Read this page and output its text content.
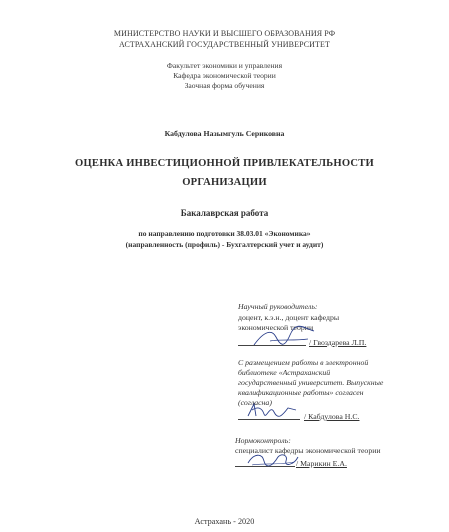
МИНИСТЕРСТВО НАУКИ И ВЫСШЕГО ОБРАЗОВАНИЯ РФ
АСТРАХАНСКИЙ ГОСУДАРСТВЕННЫЙ УНИВЕРСИТЕТ
Факультет экономики и управления
Кафедра экономической теории
Заочная форма обучения
Кабдулова Назымгуль Сериковна
ОЦЕНКА ИНВЕСТИЦИОННОЙ ПРИВЛЕКАТЕЛЬНОСТИ
ОРГАНИЗАЦИИ
Бакалаврская работа
по направлению подготовки 38.03.01 «Экономика»
(направленность (профиль) - Бухгалтерский учет и аудит)
Научный руководитель:
доцент, к.э.н., доцент кафедры
экономической теории
/ Гвоздарева Л.П.
С размещением работы в электронной
библиотеке «Астраханский
государственный университет. Выпускные
квалификационные работы» согласен
(согласна)
/ Кабдулова Н.С.
Нормоконтроль:
специалист кафедры экономической теории
/ Марикин Е.А.
Астрахань - 2020
